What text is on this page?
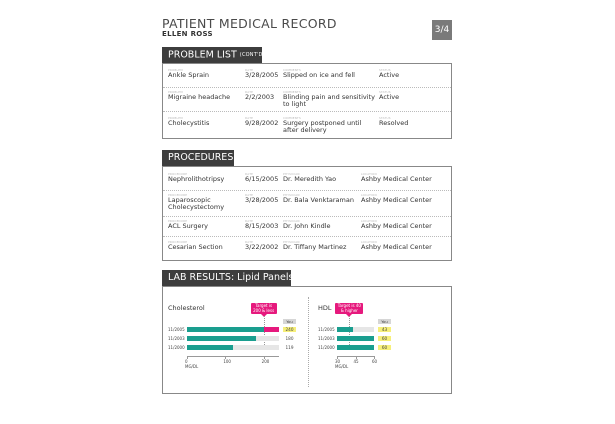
PATIENT MEDICAL RECORD
ELLEN ROSS	3/4
PROBLEM LIST (CONT'D)
PROBLEM
Ankle Sprain
DATE
3/28/2005
COMMENTS
Slipped on ice and fell
STATUS
Active
PROBLEM
Migraine headache
DATE
2/2/2003
COMMENTS
Blinding pain and sensitivity to light
STATUS
Active
PROBLEM
Cholecystitis
DATE
9/28/2002
COMMENTS
Surgery postponed until after delivery
STATUS
Resolved
PROCEDURES
PROCEDURE
Nephrolithotripsy
DATE
6/15/2005
PHYSICIAN
Dr. Meredith Yao
LOCATION
Ashby Medical Center
PROCEDURE
Laparoscopic Cholecystectomy
DATE
3/28/2005
PHYSICIAN
Dr. Bala Venktaraman
LOCATION
Ashby Medical Center
PROCEDURE
ACL Surgery
DATE
8/15/2003
PHYSICIAN
Dr. John Kindle
LOCATION
Ashby Medical Center
PROCEDURE
Cesarian Section
DATE
3/22/2002
PHYSICIAN
Dr. Tiffany Martinez
LOCATION
Ashby Medical Center
LAB RESULTS: Lipid Panels
Cholesterol	Target is 200 & less
You
11/2005	240
11/2003	180
11/2000	119
0	100	200
MG/DL
HDL	Target is 40 & higher
You
11/2005	43
11/2003	60
11/2000	60
30	45	60
MG/DL
